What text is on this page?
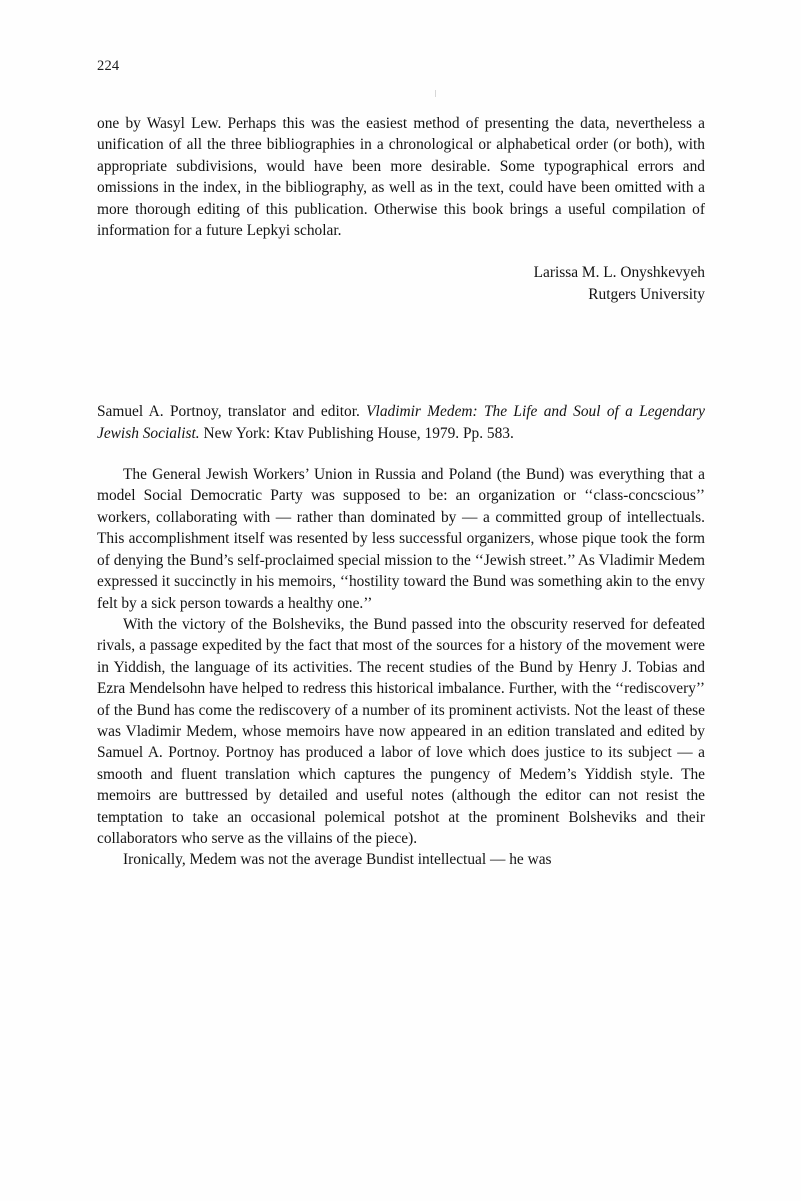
224

one by Wasyl Lew. Perhaps this was the easiest method of presenting the data, nevertheless a unification of all the three bibliographies in a chronological or alphabetical order (or both), with appropriate subdivisions, would have been more desirable. Some typographical errors and omissions in the index, in the bibliography, as well as in the text, could have been omitted with a more thorough editing of this publication. Otherwise this book brings a useful compilation of information for a future Lepkyi scholar.

Larissa M. L. Onyshkevyeh
Rutgers University

Samuel A. Portnoy, translator and editor. Vladimir Medem: The Life and Soul of a Legendary Jewish Socialist. New York: Ktav Publishing House, 1979. Pp. 583.

The General Jewish Workers’ Union in Russia and Poland (the Bund) was everything that a model Social Democratic Party was supposed to be: an organization or ‘‘class-concscious’’ workers, collaborating with — rather than dominated by — a committed group of intellectuals. This accomplishment itself was resented by less successful organizers, whose pique took the form of denying the Bund’s self-proclaimed special mission to the ‘‘Jewish street.’’ As Vladimir Medem expressed it succinctly in his memoirs, ‘‘hostility toward the Bund was something akin to the envy felt by a sick person towards a healthy one.’’

With the victory of the Bolsheviks, the Bund passed into the obscurity reserved for defeated rivals, a passage expedited by the fact that most of the sources for a history of the movement were in Yiddish, the language of its activities. The recent studies of the Bund by Henry J. Tobias and Ezra Mendelsohn have helped to redress this historical imbalance. Further, with the ‘‘rediscovery’’ of the Bund has come the rediscovery of a number of its prominent activists. Not the least of these was Vladimir Medem, whose memoirs have now appeared in an edition translated and edited by Samuel A. Portnoy. Portnoy has produced a labor of love which does justice to its subject — a smooth and fluent translation which captures the pungency of Medem’s Yiddish style. The memoirs are buttressed by detailed and useful notes (although the editor can not resist the temptation to take an occasional polemical potshot at the prominent Bolsheviks and their collaborators who serve as the villains of the piece).

Ironically, Medem was not the average Bundist intellectual — he was
